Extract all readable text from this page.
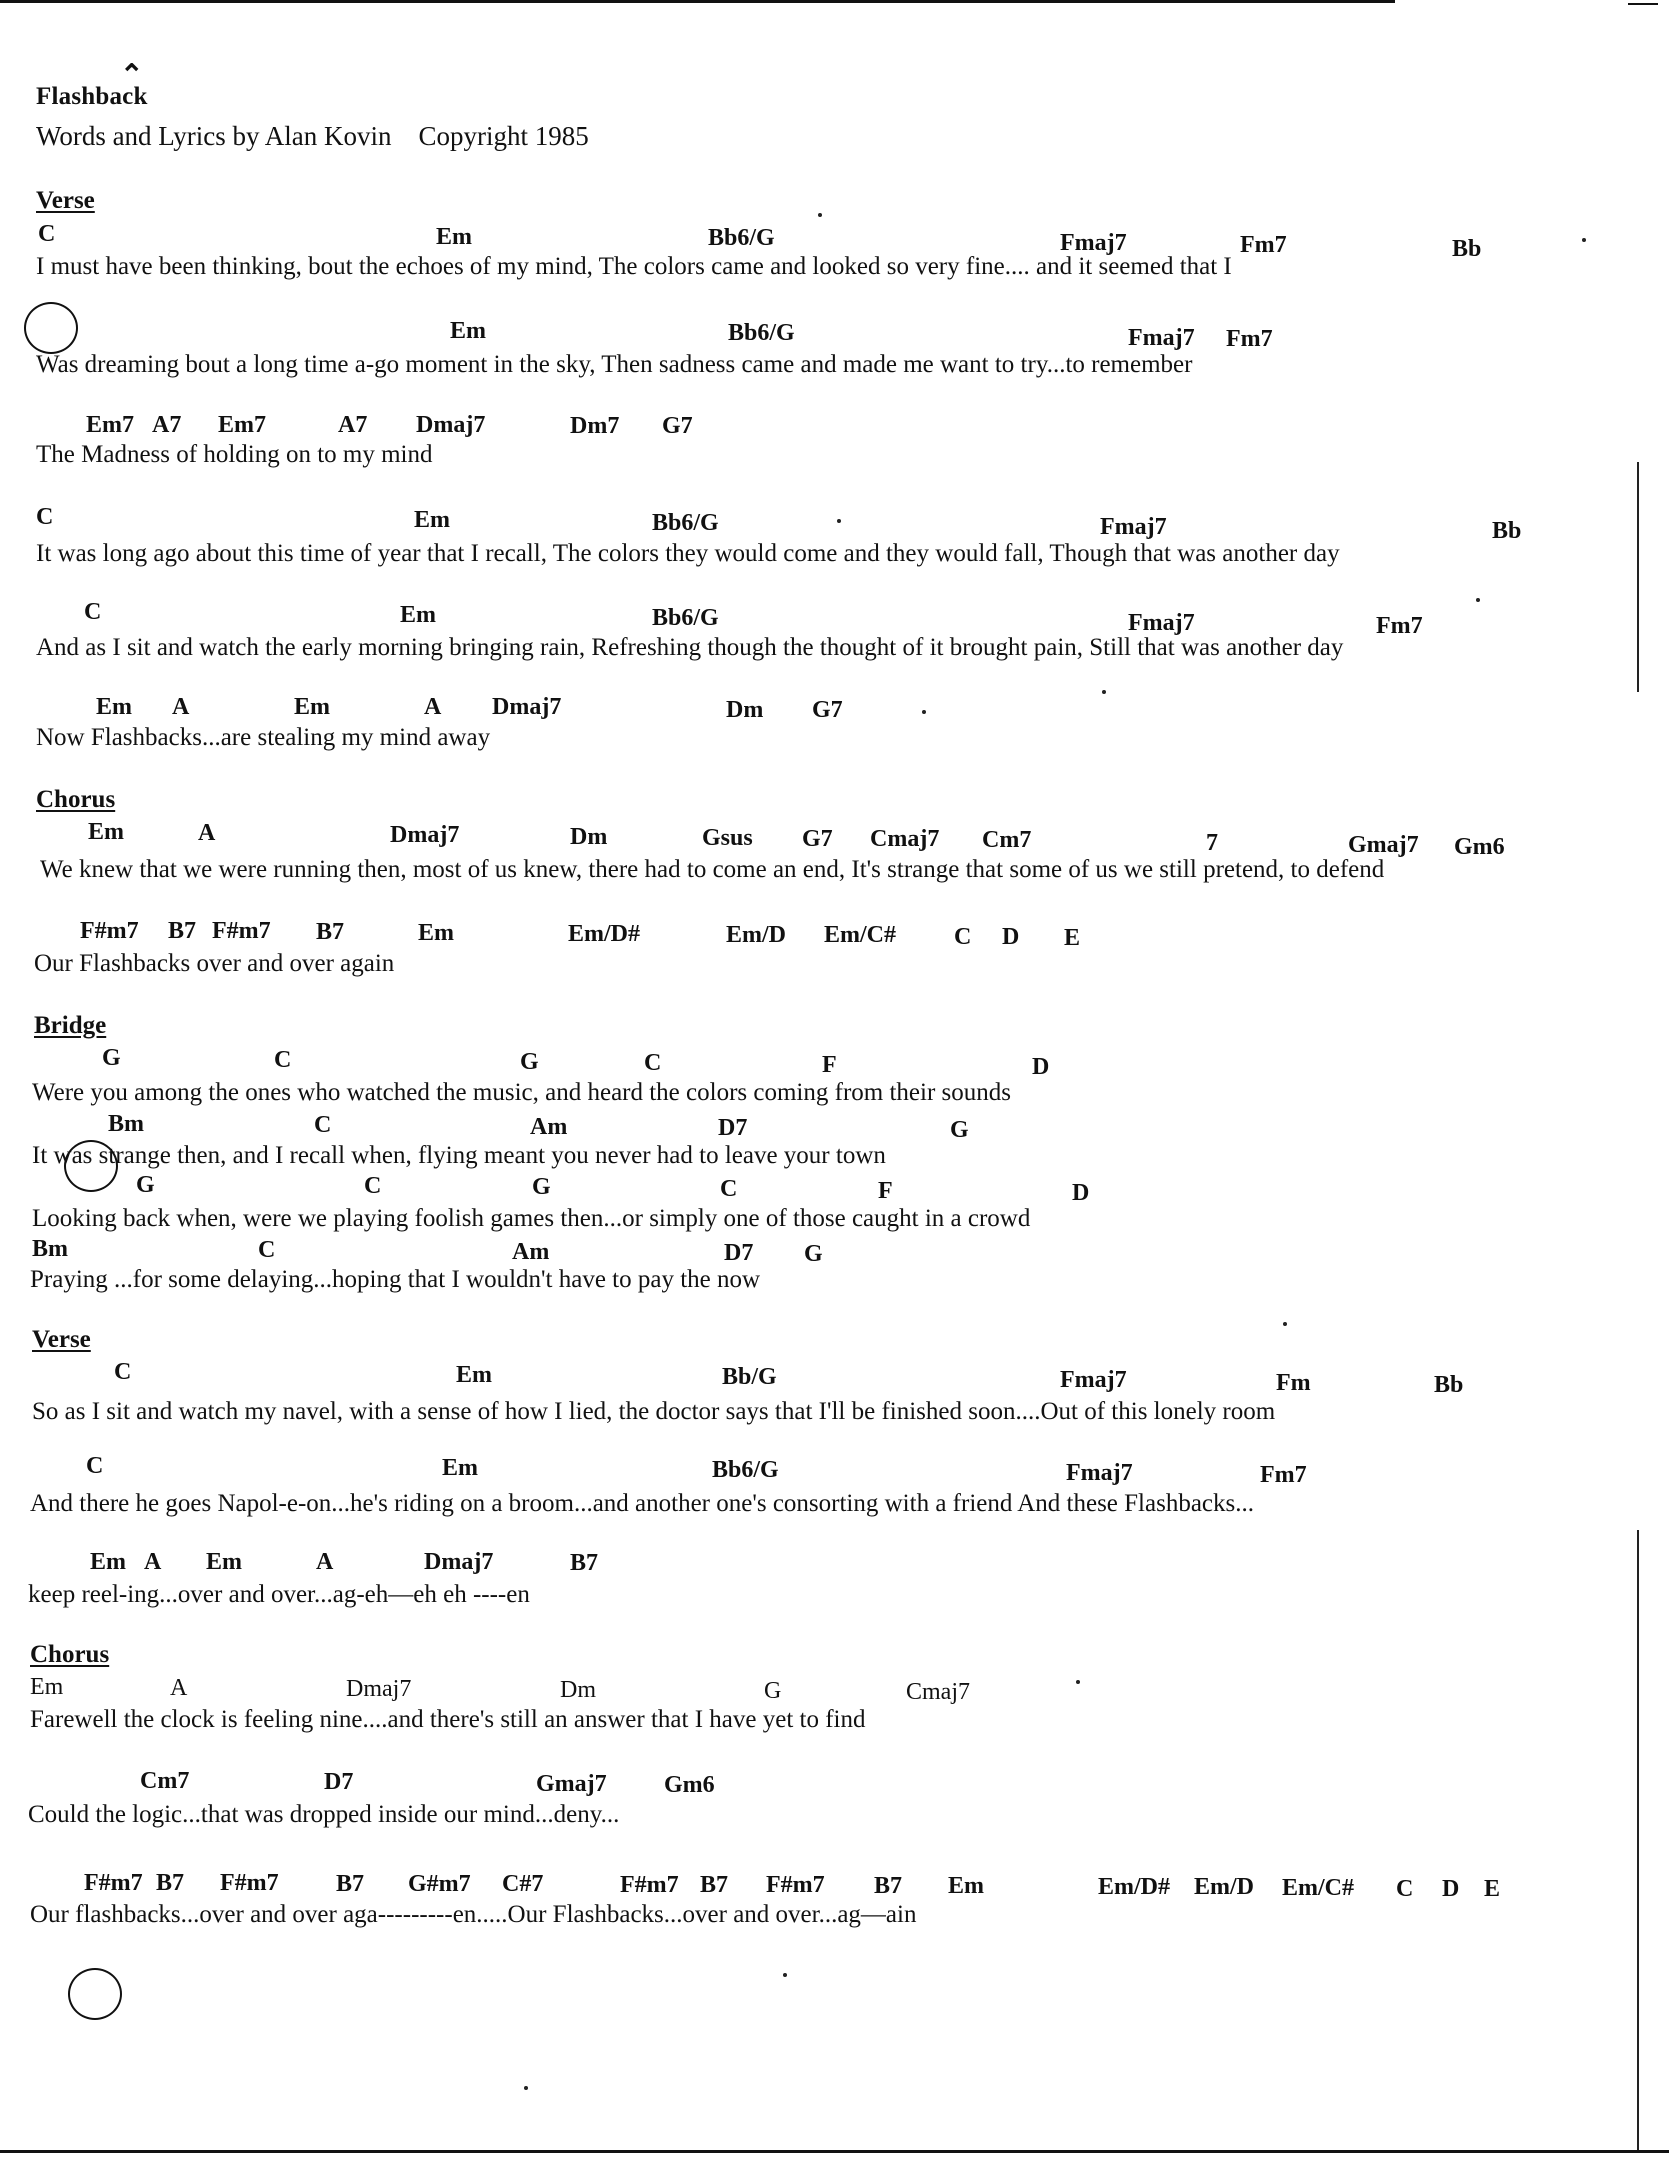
⌃
Flashback
Words and Lyrics by Alan Kovin    Copyright 1985
Verse
C	Em	Bb6/G	Fmaj7	Fm7	Bb
I must have been thinking, bout the echoes of my mind, The colors came and looked so very fine.... and it seemed that I
Em	Bb6/G	Fmaj7 Fm7
Was dreaming bout a long time a-go moment in the sky, Then sadness came and made me want to try...to remember
Em7 A7 Em7	A7 Dmaj7	Dm7 G7
The Madness of holding on to my mind
C	Em	Bb6/G	Fmaj7	Bb
It was long ago about this time of year that I recall, The colors they would come and they would fall, Though that was another day
C	Em	Bb6/G	Fmaj7	Fm7
And as I sit and watch the early morning bringing rain, Refreshing though the thought of it brought pain, Still that was another day
Em A	Em	A Dmaj7	Dm G7
Now Flashbacks...are stealing my mind away
Chorus
Em	A	Dmaj7	Dm	Gsus G7 Cmaj7 Cm7	7	Gmaj7 Gm6
We knew that we were running then, most of us knew, there had to come an end, It's strange that some of us we still pretend, to defend
F#m7 B7 F#m7 B7	Em	Em/D#	Em/D Em/C# C D E
Our Flashbacks over and over again
Bridge
G	C	G	C	F	D
Were you among the ones who watched the music, and heard the colors coming from their sounds
Bm	C	Am	D7	G
It was strange then, and I recall when, flying meant you never had to leave your town
G	C	G	C	F	D
Looking back when, were we playing foolish games then...or simply one of those caught in a crowd
Bm	C	Am	D7 G
Praying ...for some delaying...hoping that I wouldn't have to pay the now
Verse
C	Em	Bb/G	Fmaj7	Fm	Bb
So as I sit and watch my navel, with a sense of how I lied, the doctor says that I'll be finished soon....Out of this lonely room
C	Em	Bb6/G	Fmaj7	Fm7
And there he goes Napol-e-on...he's riding on a broom...and another one's consorting with a friend And these Flashbacks...
Em A Em	A	Dmaj7	B7
keep reel-ing...over and over...ag-eh—eh eh ----en
Chorus
Em	A	Dmaj7	Dm	G	Cmaj7
Farewell the clock is feeling nine....and there's still an answer that I have yet to find
Cm7	D7	Gmaj7 Gm6
Could the logic...that was dropped inside our mind...deny...
F#m7 B7 F#m7 B7 G#m7 C#7	F#m7 B7 F#m7 B7 Em	Em/D# Em/D Em/C# C D E
Our flashbacks...over and over aga---------en.....Our Flashbacks...over and over...ag—ain
